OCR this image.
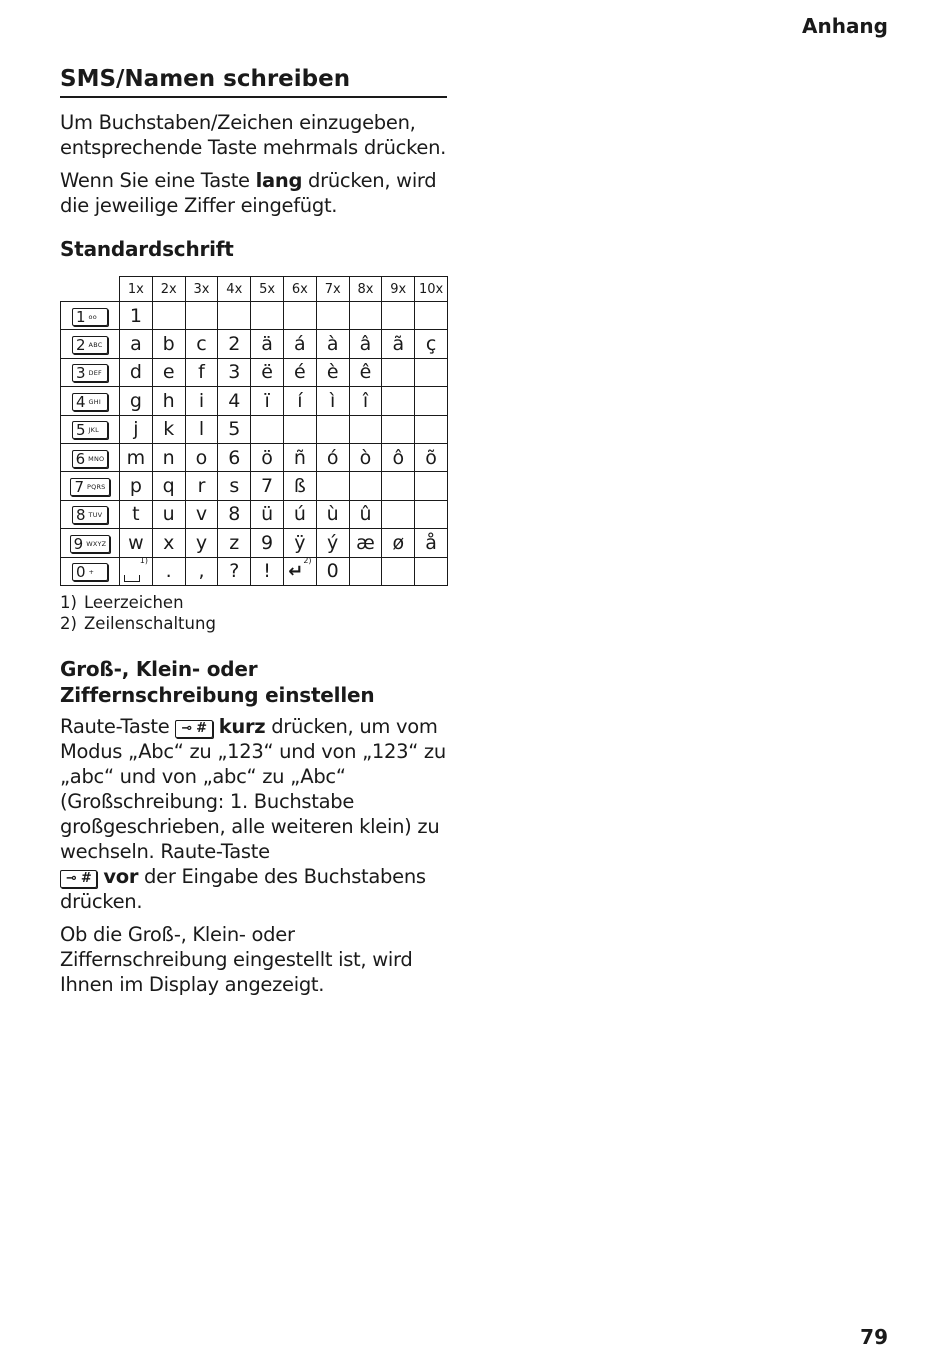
Anhang
SMS/Namen schreiben

Um Buchstaben/Zeichen einzugeben, entsprechende Taste mehrmals drücken.

Wenn Sie eine Taste lang drücken, wird die jeweilige Ziffer eingefügt.

Standardschrift
	1x	2x	3x	4x	5x	6x	7x	8x	9x	10x

1 oo	1									

2 ABC	a	b	c	2	ä	á	à	â	ã	ç

3 DEF	d	e	f	3	ë	é	è	ê		

4 GHI	g	h	i	4	ï	í	ì	î		

5 JKL	j	k	l	5						

6 MNO	m	n	o	6	ö	ñ	ó	ò	ô	õ

7 PQRS	p	q	r	s	7	ß				

8 TUV	t	u	v	8	ü	ú	ù	û		

9 WXYZ	w	x	y	z	9	ÿ	ý	æ	ø	å

0 +	$^{1)}$	.	,	?	!	↵$^{2)}$	0			
1) Leerzeichen
2) Zeilenschaltung
Groß-, Klein- oder Ziffernschreibung einstellen

Raute-Taste ⊸ # kurz drücken, um vom Modus „Abc“ zu „123“ und von „123“ zu „abc“ und von „abc“ zu „Abc“ (Großschreibung: 1. Buchstabe großgeschrieben, alle weiteren klein) zu wechseln. Raute-Taste
⊸ # vor der Eingabe des Buchstabens drücken.

Ob die Groß-, Klein- oder Ziffernschreibung eingestellt ist, wird Ihnen im Display angezeigt.

79
